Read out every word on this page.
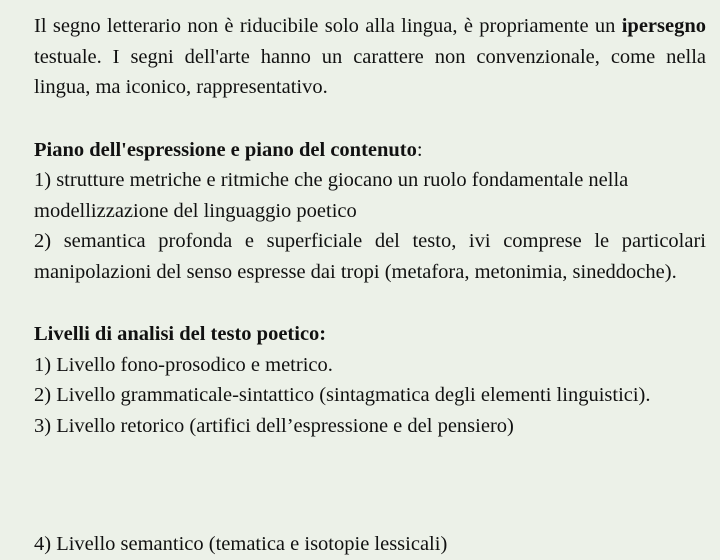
Il segno letterario non è riducibile solo alla lingua, è propriamente un ipersegno testuale. I segni dell'arte hanno un carattere non convenzionale, come nella lingua, ma iconico, rappresentativo.

Piano dell'espressione e piano del contenuto:

1) strutture metriche e ritmiche che giocano un ruolo fondamentale nella modellizzazione del linguaggio poetico

2) semantica profonda e superficiale del testo, ivi comprese le particolari manipolazioni del senso espresse dai tropi (metafora, metonimia, sineddoche).

Livelli di analisi del testo poetico:

1) Livello fono-prosodico e metrico.

2) Livello grammaticale-sintattico (sintagmatica degli elementi linguistici).

3) Livello retorico (artifici dell’espressione e del pensiero)

4) Livello semantico (tematica e isotopie lessicali)
